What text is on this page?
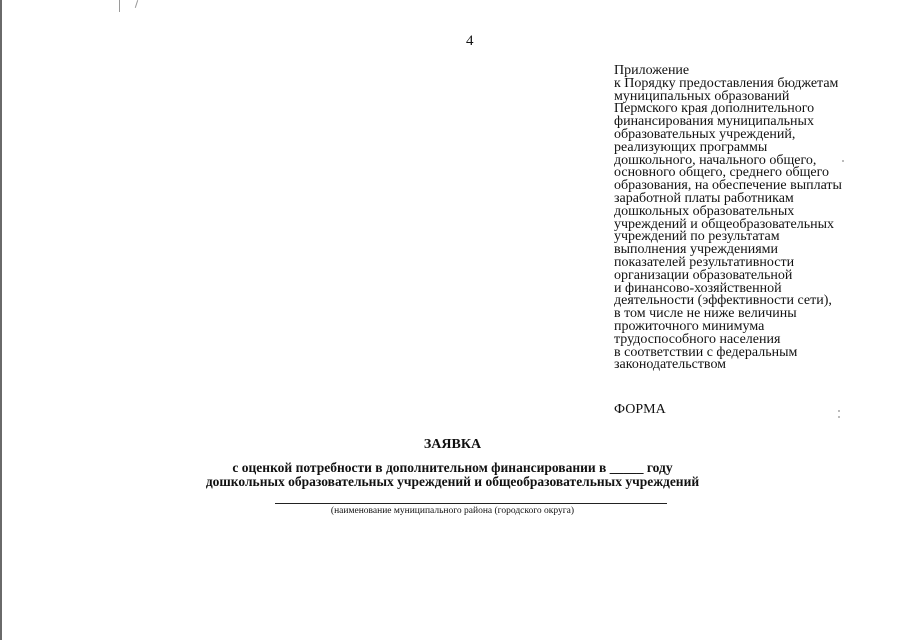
4
Приложение
к Порядку предоставления бюджетам
муниципальных образований
Пермского края дополнительного
финансирования муниципальных
образовательных учреждений,
реализующих программы
дошкольного, начального общего,
основного общего, среднего общего
образования, на обеспечение выплаты
заработной платы работникам
дошкольных образовательных
учреждений и общеобразовательных
учреждений по результатам
выполнения учреждениями
показателей результативности
организации образовательной
и финансово-хозяйственной
деятельности (эффективности сети),
в том числе не ниже величины
прожиточного минимума
трудоспособного населения
в соответствии с федеральным
законодательством
ФОРМА
ЗАЯВКА
с оценкой потребности в дополнительном финансировании в _____ году
дошкольных образовательных учреждений и общеобразовательных учреждений
(наименование муниципального района (городского округа)
